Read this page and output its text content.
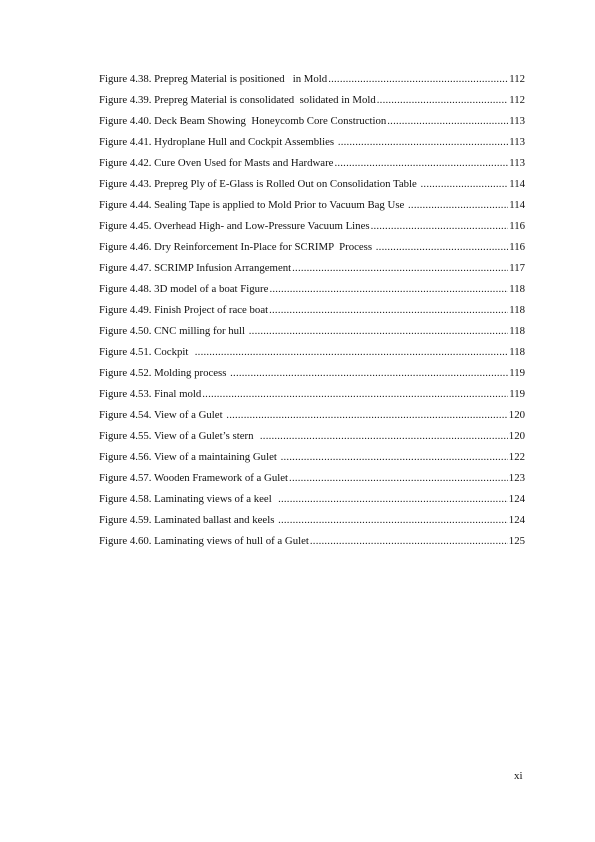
Figure 4.38. Prepreg Material is positioned   in Mold .....	112
Figure 4.39. Prepreg Material is consolidated  solidated in Mold .....	112
Figure 4.40. Deck Beam Showing  Honeycomb Core Construction .....	113
Figure 4.41. Hydroplane Hull and Cockpit Assemblies .....	113
Figure 4.42. Cure Oven Used for Masts and Hardware .....	113
Figure 4.43. Prepreg Ply of E-Glass is Rolled Out on Consolidation Table .....	114
Figure 4.44. Sealing Tape is applied to Mold Prior to Vacuum Bag Use .....	114
Figure 4.45. Overhead High- and Low-Pressure Vacuum Lines .....	116
Figure 4.46. Dry Reinforcement In-Place for SCRIMP  Process .....	116
Figure 4.47. SCRIMP Infusion Arrangement .....	117
Figure 4.48. 3D model of a boat Figure .....	118
Figure 4.49. Finish Project of race boat .....	118
Figure 4.50. CNC milling for hull .....	118
Figure 4.51. Cockpit .....	118
Figure 4.52. Molding process .....	119
Figure 4.53. Final mold .....	119
Figure 4.54. View of a Gulet .....	120
Figure 4.55. View of a Gulet’s stern .....	120
Figure 4.56. View of a maintaining Gulet .....	122
Figure 4.57. Wooden Framework of a Gulet .....	123
Figure 4.58. Laminating views of a keel .....	124
Figure 4.59. Laminated ballast and keels .....	124
Figure 4.60. Laminating views of hull of a Gulet .....	125
xi
